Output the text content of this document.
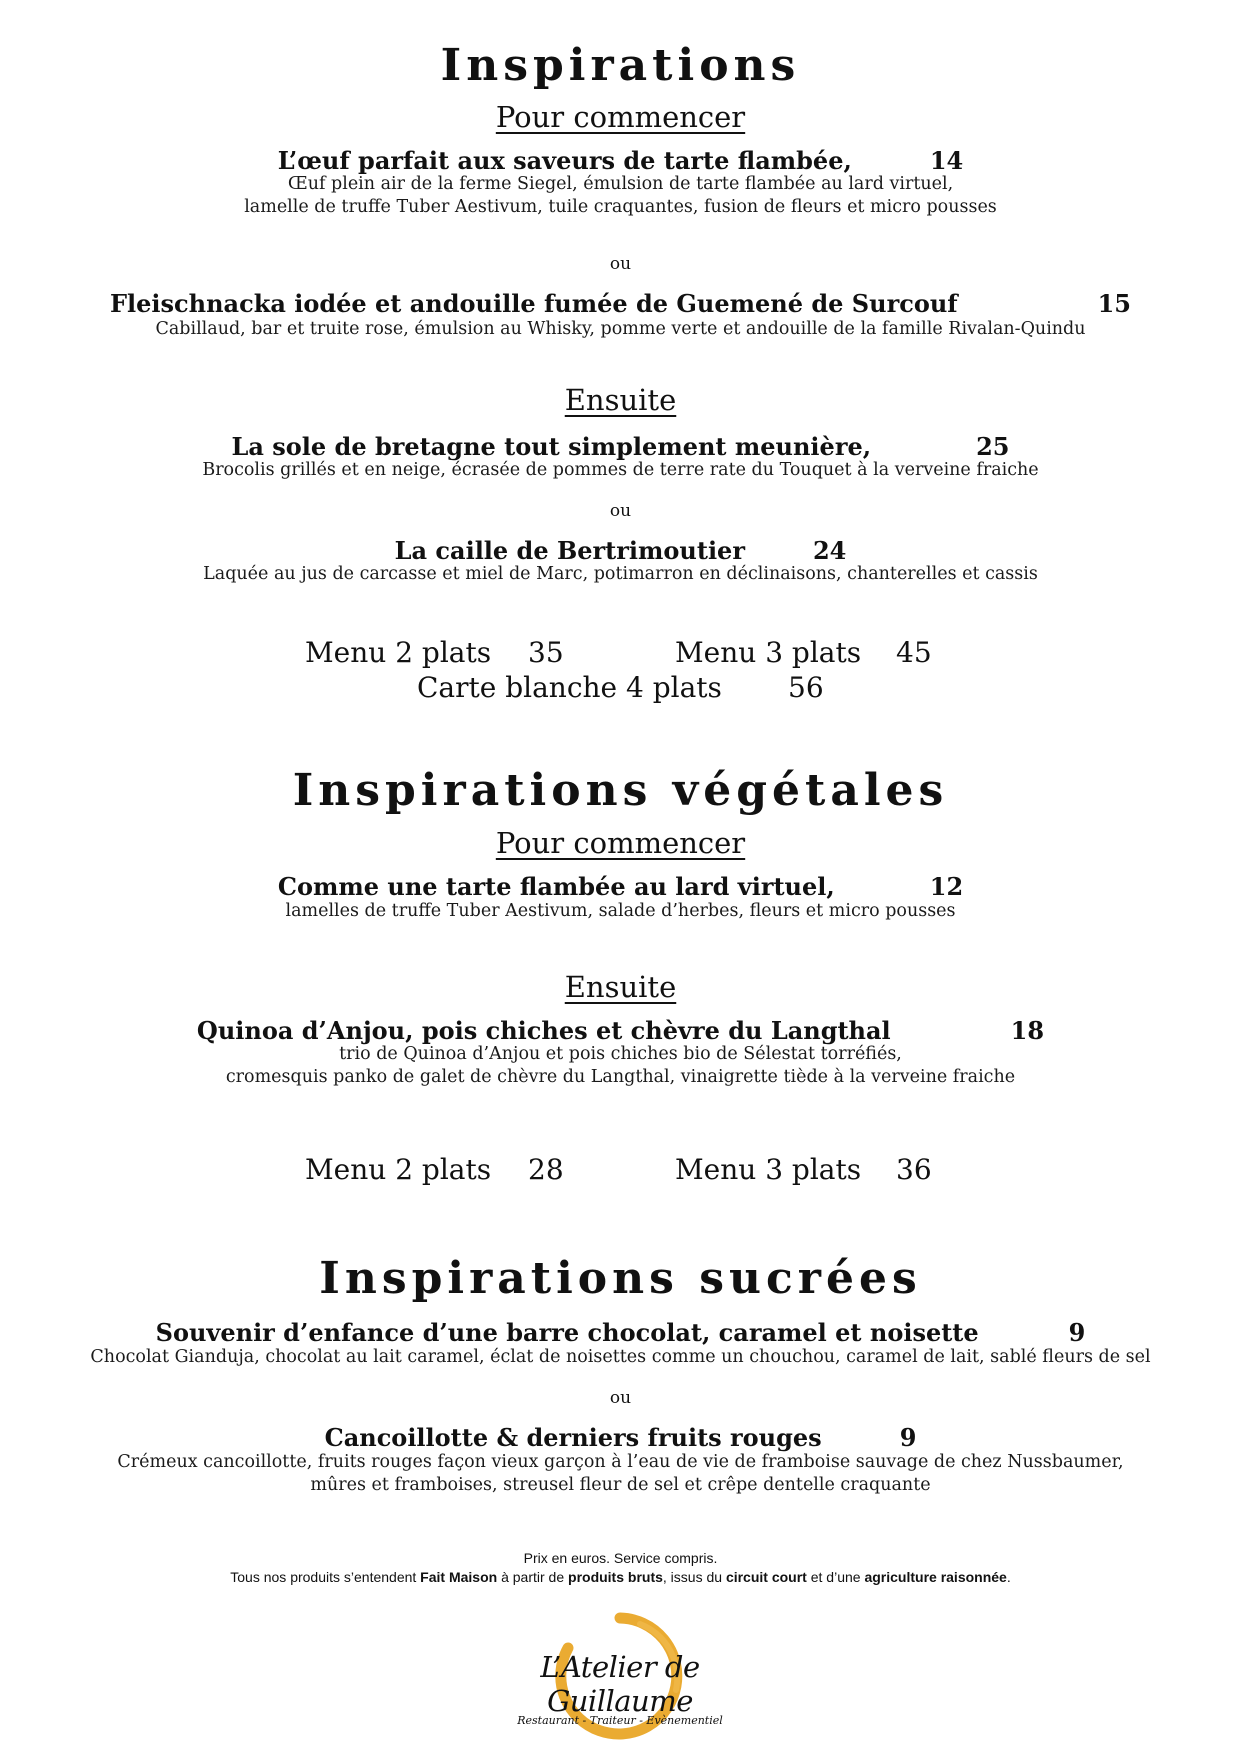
Inspirations
Pour commencer
L’œuf parfait aux saveurs de tarte flambée,	14

Œuf plein air de la ferme Siegel, émulsion de tarte flambée au lard virtuel,

lamelle de truffe Tuber Aestivum, tuile craquantes, fusion de fleurs et micro pousses

ou

Fleischnacka iodée et andouille fumée de Guemené de Surcouf	15

Cabillaud, bar et truite rose, émulsion au Whisky, pomme verte et andouille de la famille Rivalan-Quindu

Ensuite
La sole de bretagne tout simplement meunière,	25

Brocolis grillés et en neige, écrasée de pommes de terre rate du Touquet à la verveine fraiche

ou

La caille de Bertrimoutier	24

Laquée au jus de carcasse et miel de Marc, potimarron en déclinaisons, chanterelles et cassis

Menu 2 plats 35	Menu 3 plats 45
Carte blanche 4 plats 56
Inspirations végétales
Pour commencer
Comme une tarte flambée au lard virtuel,	12

lamelles de truffe Tuber Aestivum, salade d’herbes, fleurs et micro pousses

Ensuite
Quinoa d’Anjou, pois chiches et chèvre du Langthal	18

trio de Quinoa d’Anjou et pois chiches bio de Sélestat torréfiés,

cromesquis panko de galet de chèvre du Langthal, vinaigrette tiède à la verveine fraiche

Menu 2 plats 28	Menu 3 plats 36
Inspirations sucrées
Souvenir d’enfance d’une barre chocolat, caramel et noisette	9

Chocolat Gianduja, chocolat au lait caramel, éclat de noisettes comme un chouchou, caramel de lait, sablé fleurs de sel

ou

Cancoillotte & derniers fruits rouges	9

Crémeux cancoillotte, fruits rouges façon vieux garçon à l’eau de vie de framboise sauvage de chez Nussbaumer,

mûres et framboises, streusel fleur de sel et crêpe dentelle craquante

Prix en euros. Service compris.

Tous nos produits s’entendent Fait Maison à partir de produits bruts, issus du circuit court et d’une agriculture raisonnée.

L’Atelier de Guillaume
Restaurant - Traiteur - Evènementiel
